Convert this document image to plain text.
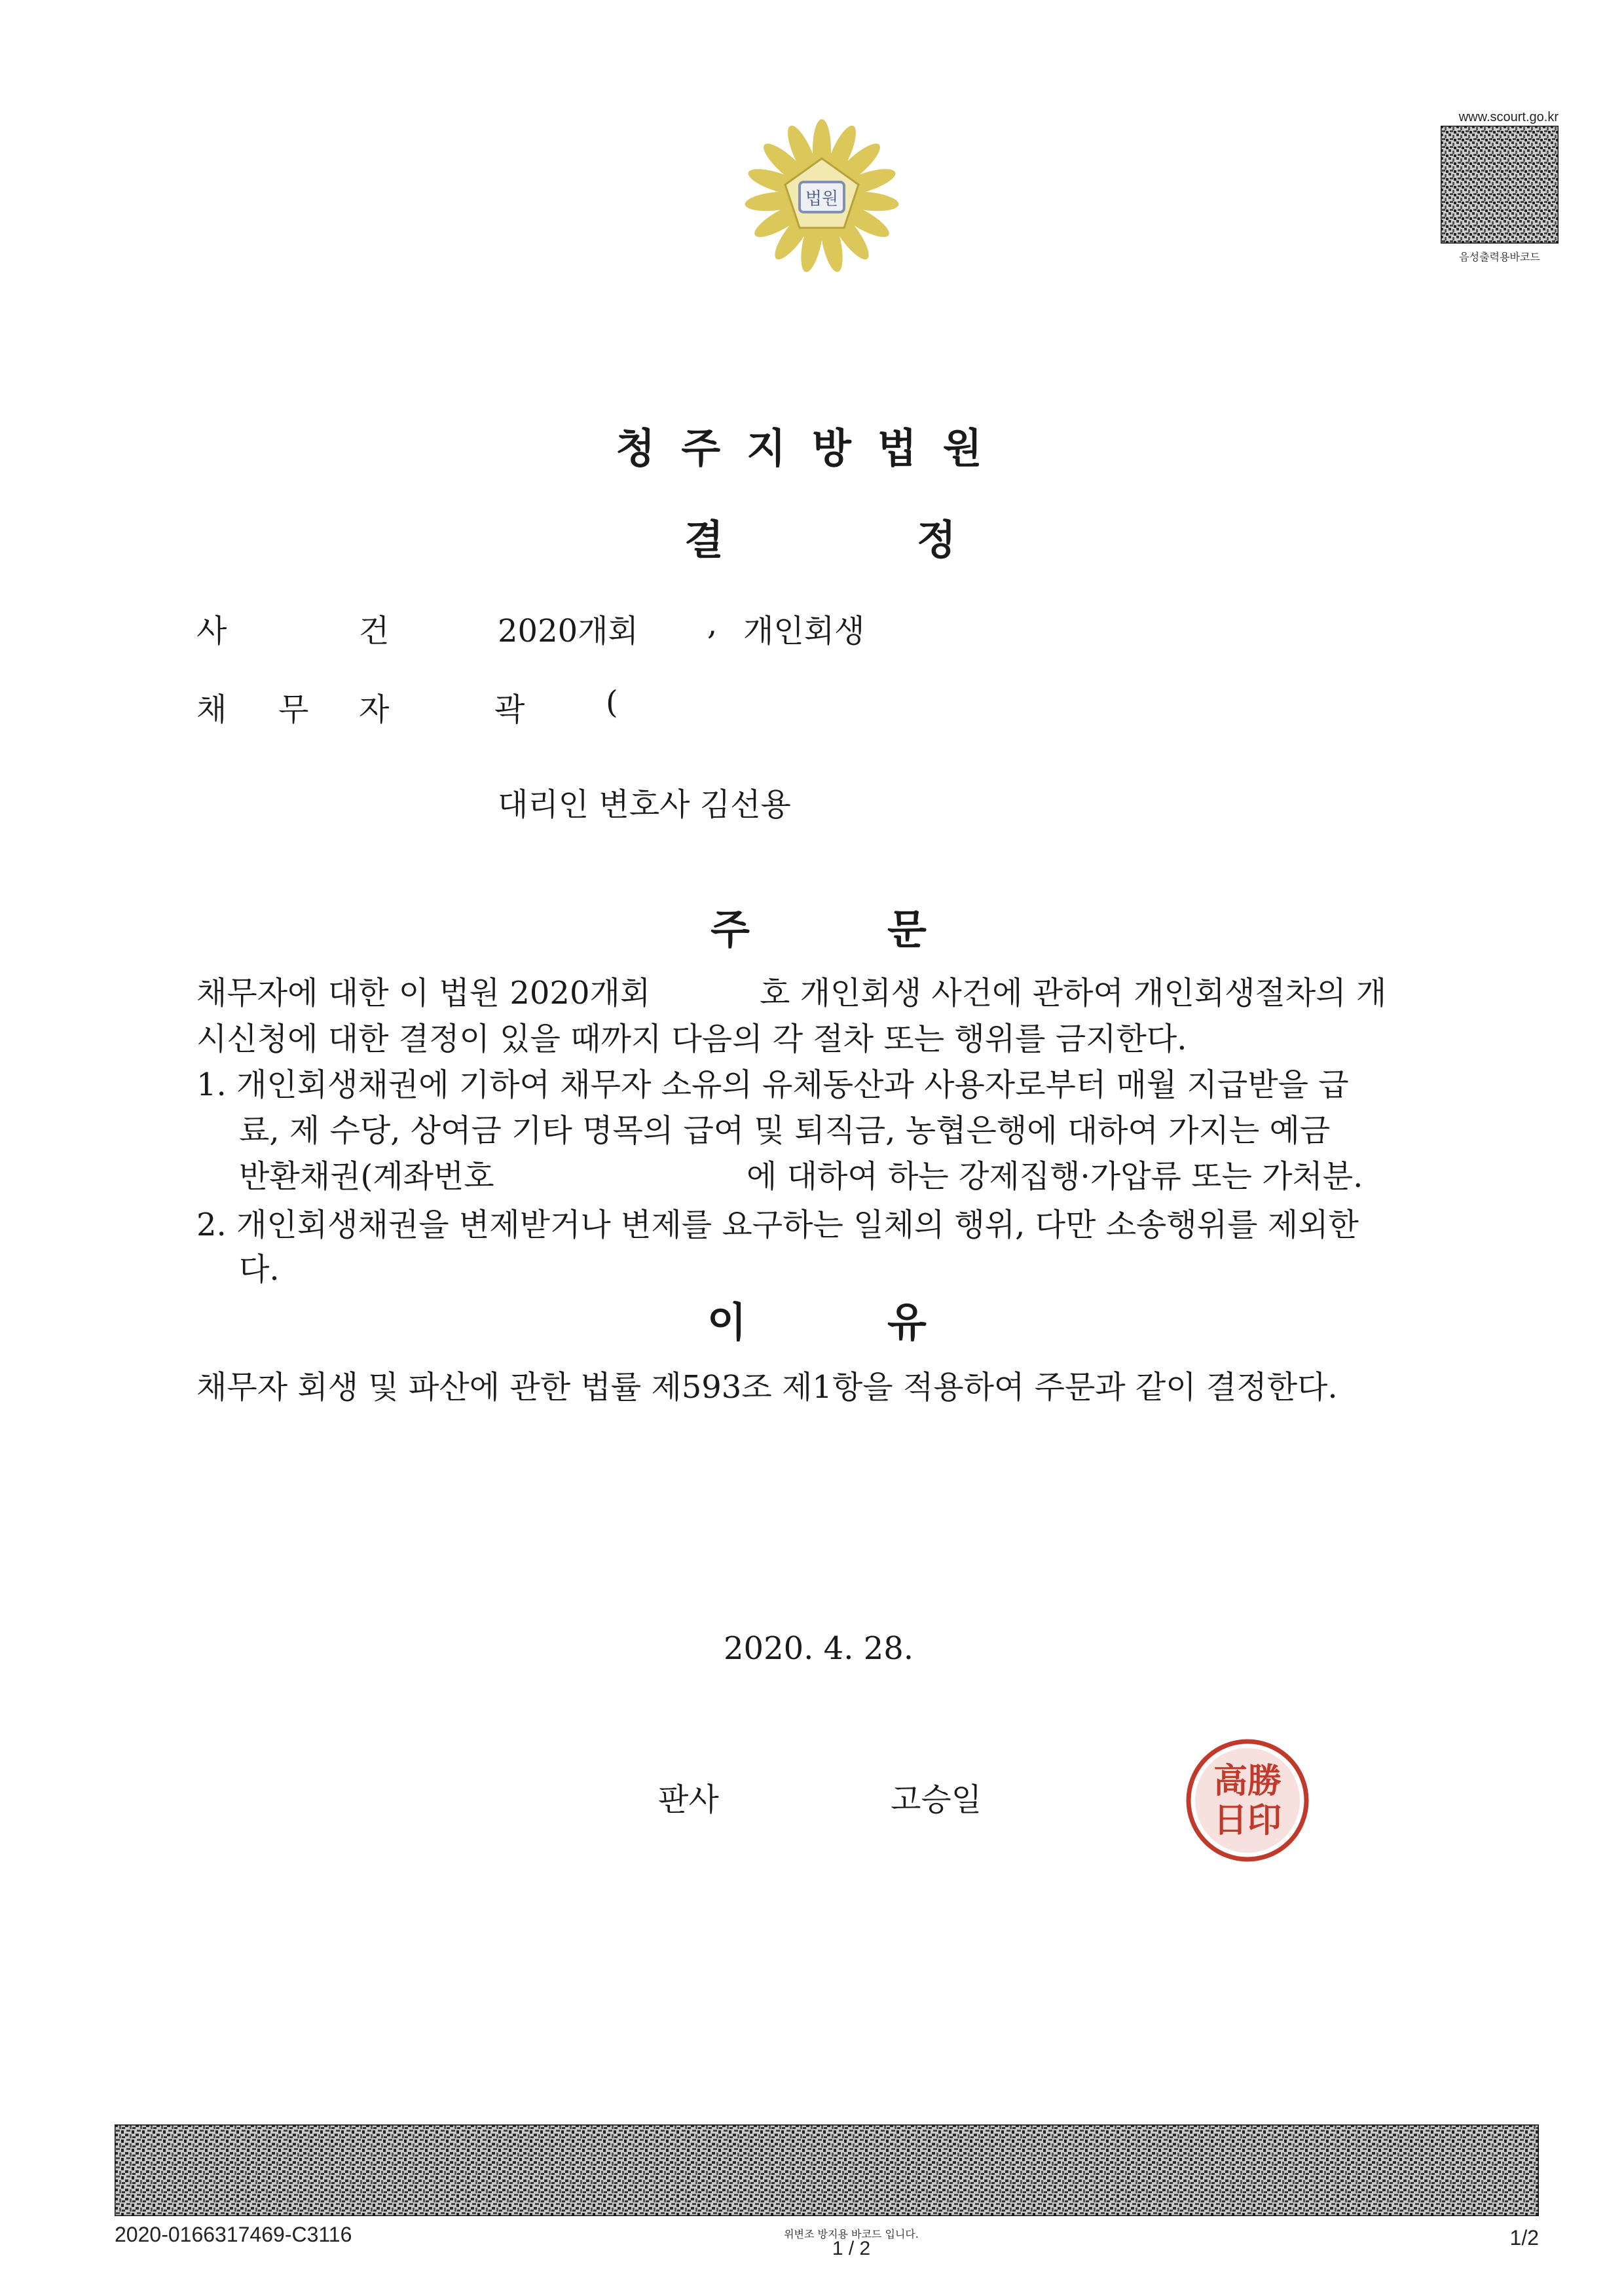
법원
www.scourt.go.kr
음성출력용바코드
청주지방법원
결	정
사	건	2020개회 , 개인회생
채 무 자	곽	(
대리인 변호사 김선용
주	문
채무자에 대한 이 법원 2020개회	호 개인회생 사건에 관하여 개인회생절차의 개
시신청에 대한 결정이 있을 때까지 다음의 각 절차 또는 행위를 금지한다.
1. 개인회생채권에 기하여 채무자 소유의 유체동산과 사용자로부터 매월 지급받을 급
료, 제 수당, 상여금 기타 명목의 급여 및 퇴직금, 농협은행에 대하여 가지는 예금
반환채권(계좌번호	에 대하여 하는 강제집행·가압류 또는 가처분.
2. 개인회생채권을 변제받거나 변제를 요구하는 일체의 행위, 다만 소송행위를 제외한
다.
이	유
채무자 회생 및 파산에 관한 법률 제593조 제1항을 적용하여 주문과 같이 결정한다.
2020. 4. 28.
판사	고승일	高勝
日印
2020-0166317469-C3116	위변조 방지용 바코드 입니다.
1 / 2	1/2
